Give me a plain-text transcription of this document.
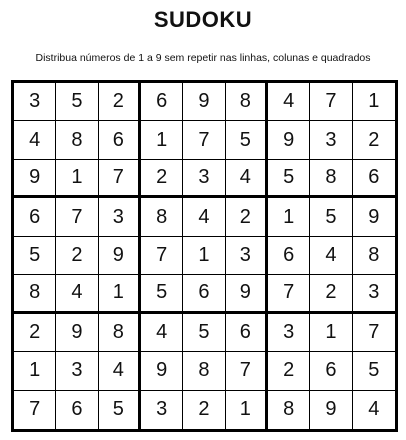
SUDOKU
Distribua números de 1 a 9 sem repetir nas linhas, colunas e quadrados
3	5	2	6	9	8	4	7	1
4	8	6	1	7	5	9	3	2
9	1	7	2	3	4	5	8	6
6	7	3	8	4	2	1	5	9
5	2	9	7	1	3	6	4	8
8	4	1	5	6	9	7	2	3
2	9	8	4	5	6	3	1	7
1	3	4	9	8	7	2	6	5
7	6	5	3	2	1	8	9	4
